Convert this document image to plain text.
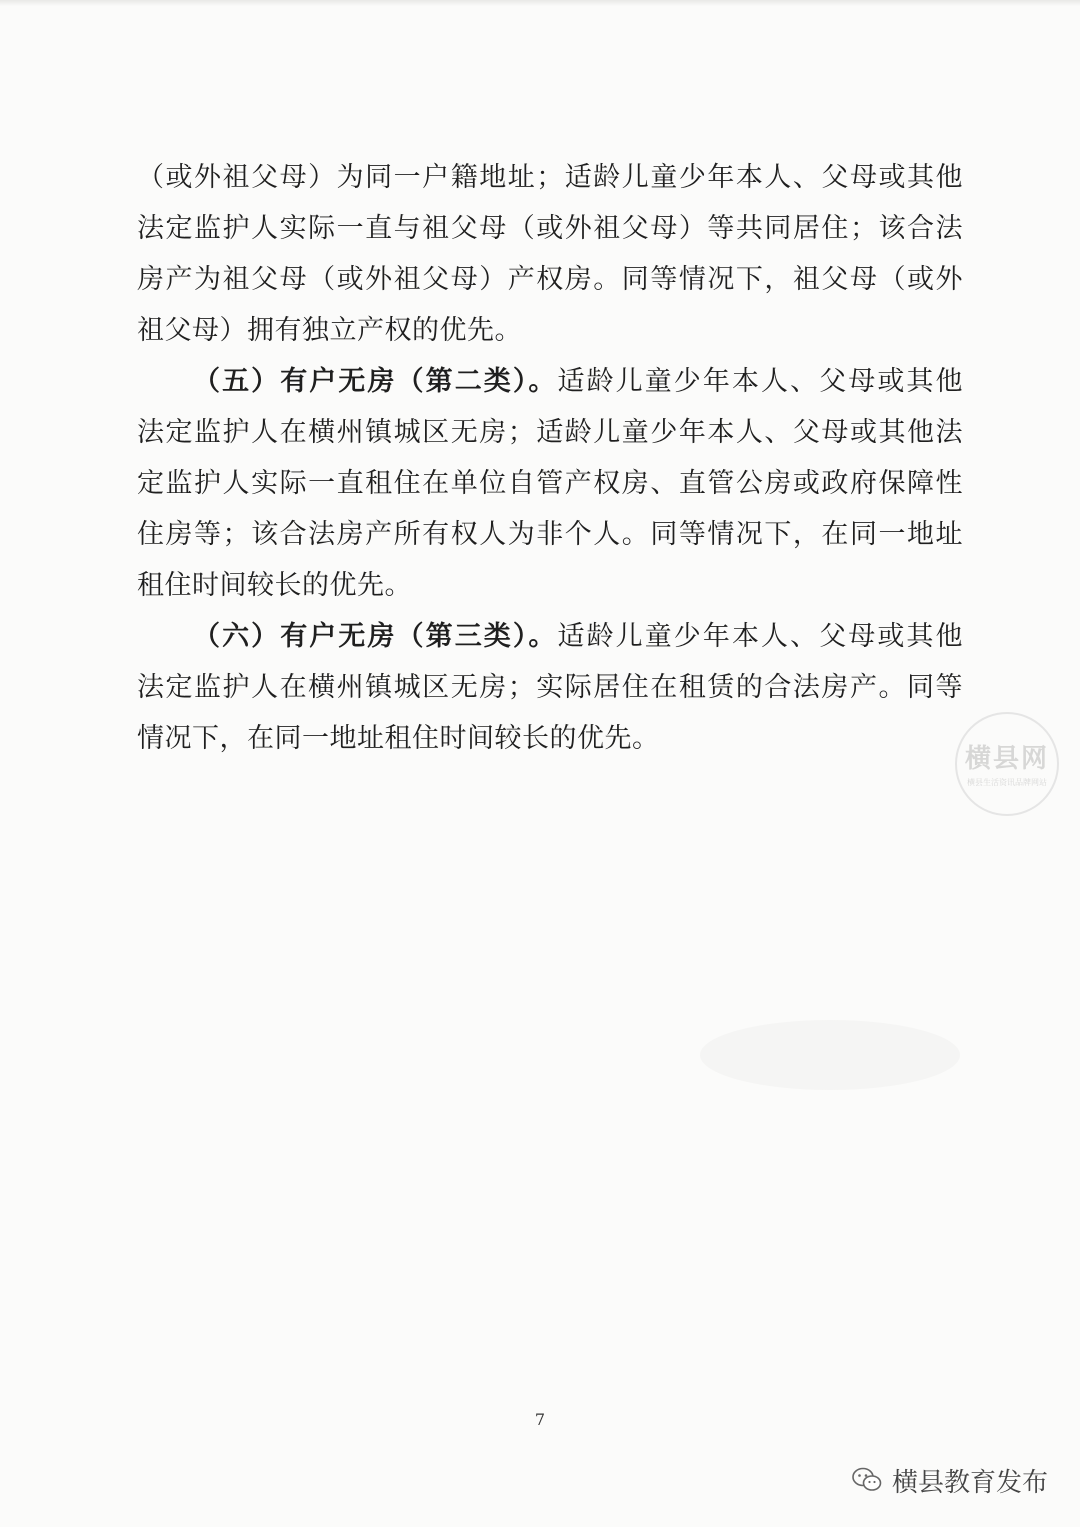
（或外祖父母）为同一户籍地址；适龄儿童少年本人、父母或其他
法定监护人实际一直与祖父母（或外祖父母）等共同居住；该合法
房产为祖父母（或外祖父母）产权房。同等情况下，祖父母（或外
祖父母）拥有独立产权的优先。
（五）有户无房（第二类）。适龄儿童少年本人、父母或其他
法定监护人在横州镇城区无房；适龄儿童少年本人、父母或其他法
定监护人实际一直租住在单位自管产权房、直管公房或政府保障性
住房等；该合法房产所有权人为非个人。同等情况下，在同一地址
租住时间较长的优先。
（六）有户无房（第三类）。适龄儿童少年本人、父母或其他
法定监护人在横州镇城区无房；实际居住在租赁的合法房产。同等
情况下，在同一地址租住时间较长的优先。
横县网
横县生活资讯品牌网站
7
横县教育发布
